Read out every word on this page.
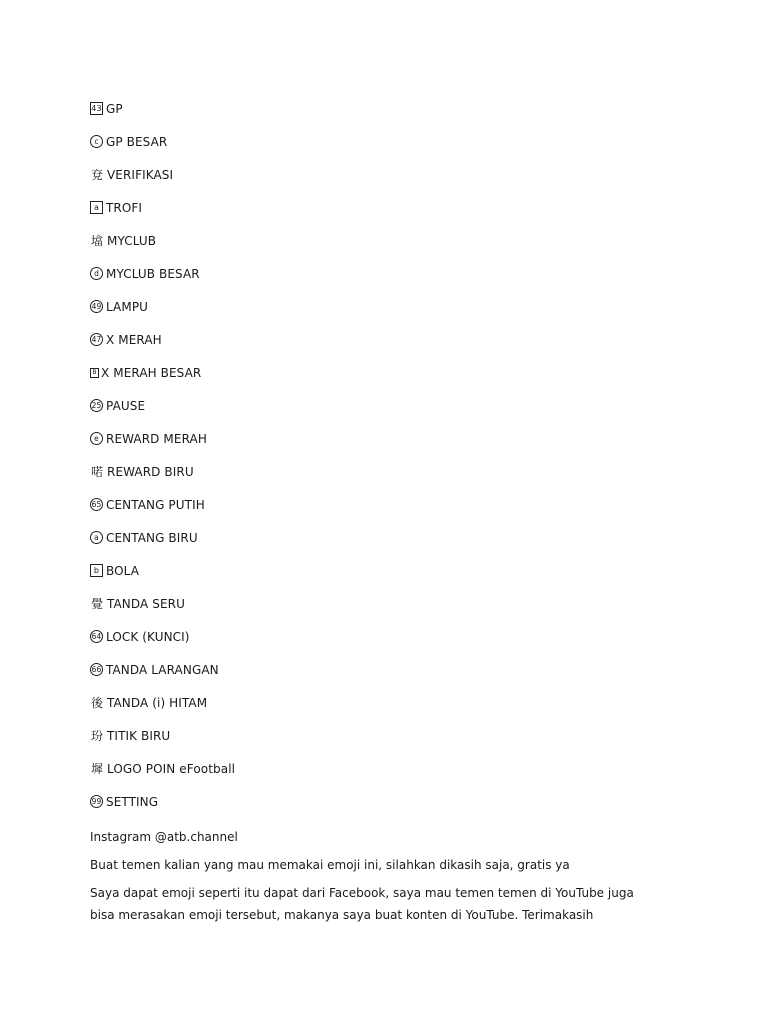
43 GP
c GP BESAR
兗 VERIFIKASI
a TROFI
墖 MYCLUB
d MYCLUB BESAR
49 LAMPU
47 X MERAH
B X MERAH BESAR
25 PAUSE
e REWARD MERAH
喏 REWARD BIRU
65 CENTANG PUTIH
a CENTANG BIRU
b BOLA
覺 TANDA SERU
64 LOCK (KUNCI)
66 TANDA LARANGAN
後 TANDA (i) HITAM
玢 TITIK BIRU
墀 LOGO POIN eFootball
99 SETTING
Instagram @atb.channel
Buat temen kalian yang mau memakai emoji ini, silahkan dikasih saja, gratis ya
Saya dapat emoji seperti itu dapat dari Facebook, saya mau temen temen di YouTube juga bisa merasakan emoji tersebut, makanya saya buat konten di YouTube. Terimakasih
